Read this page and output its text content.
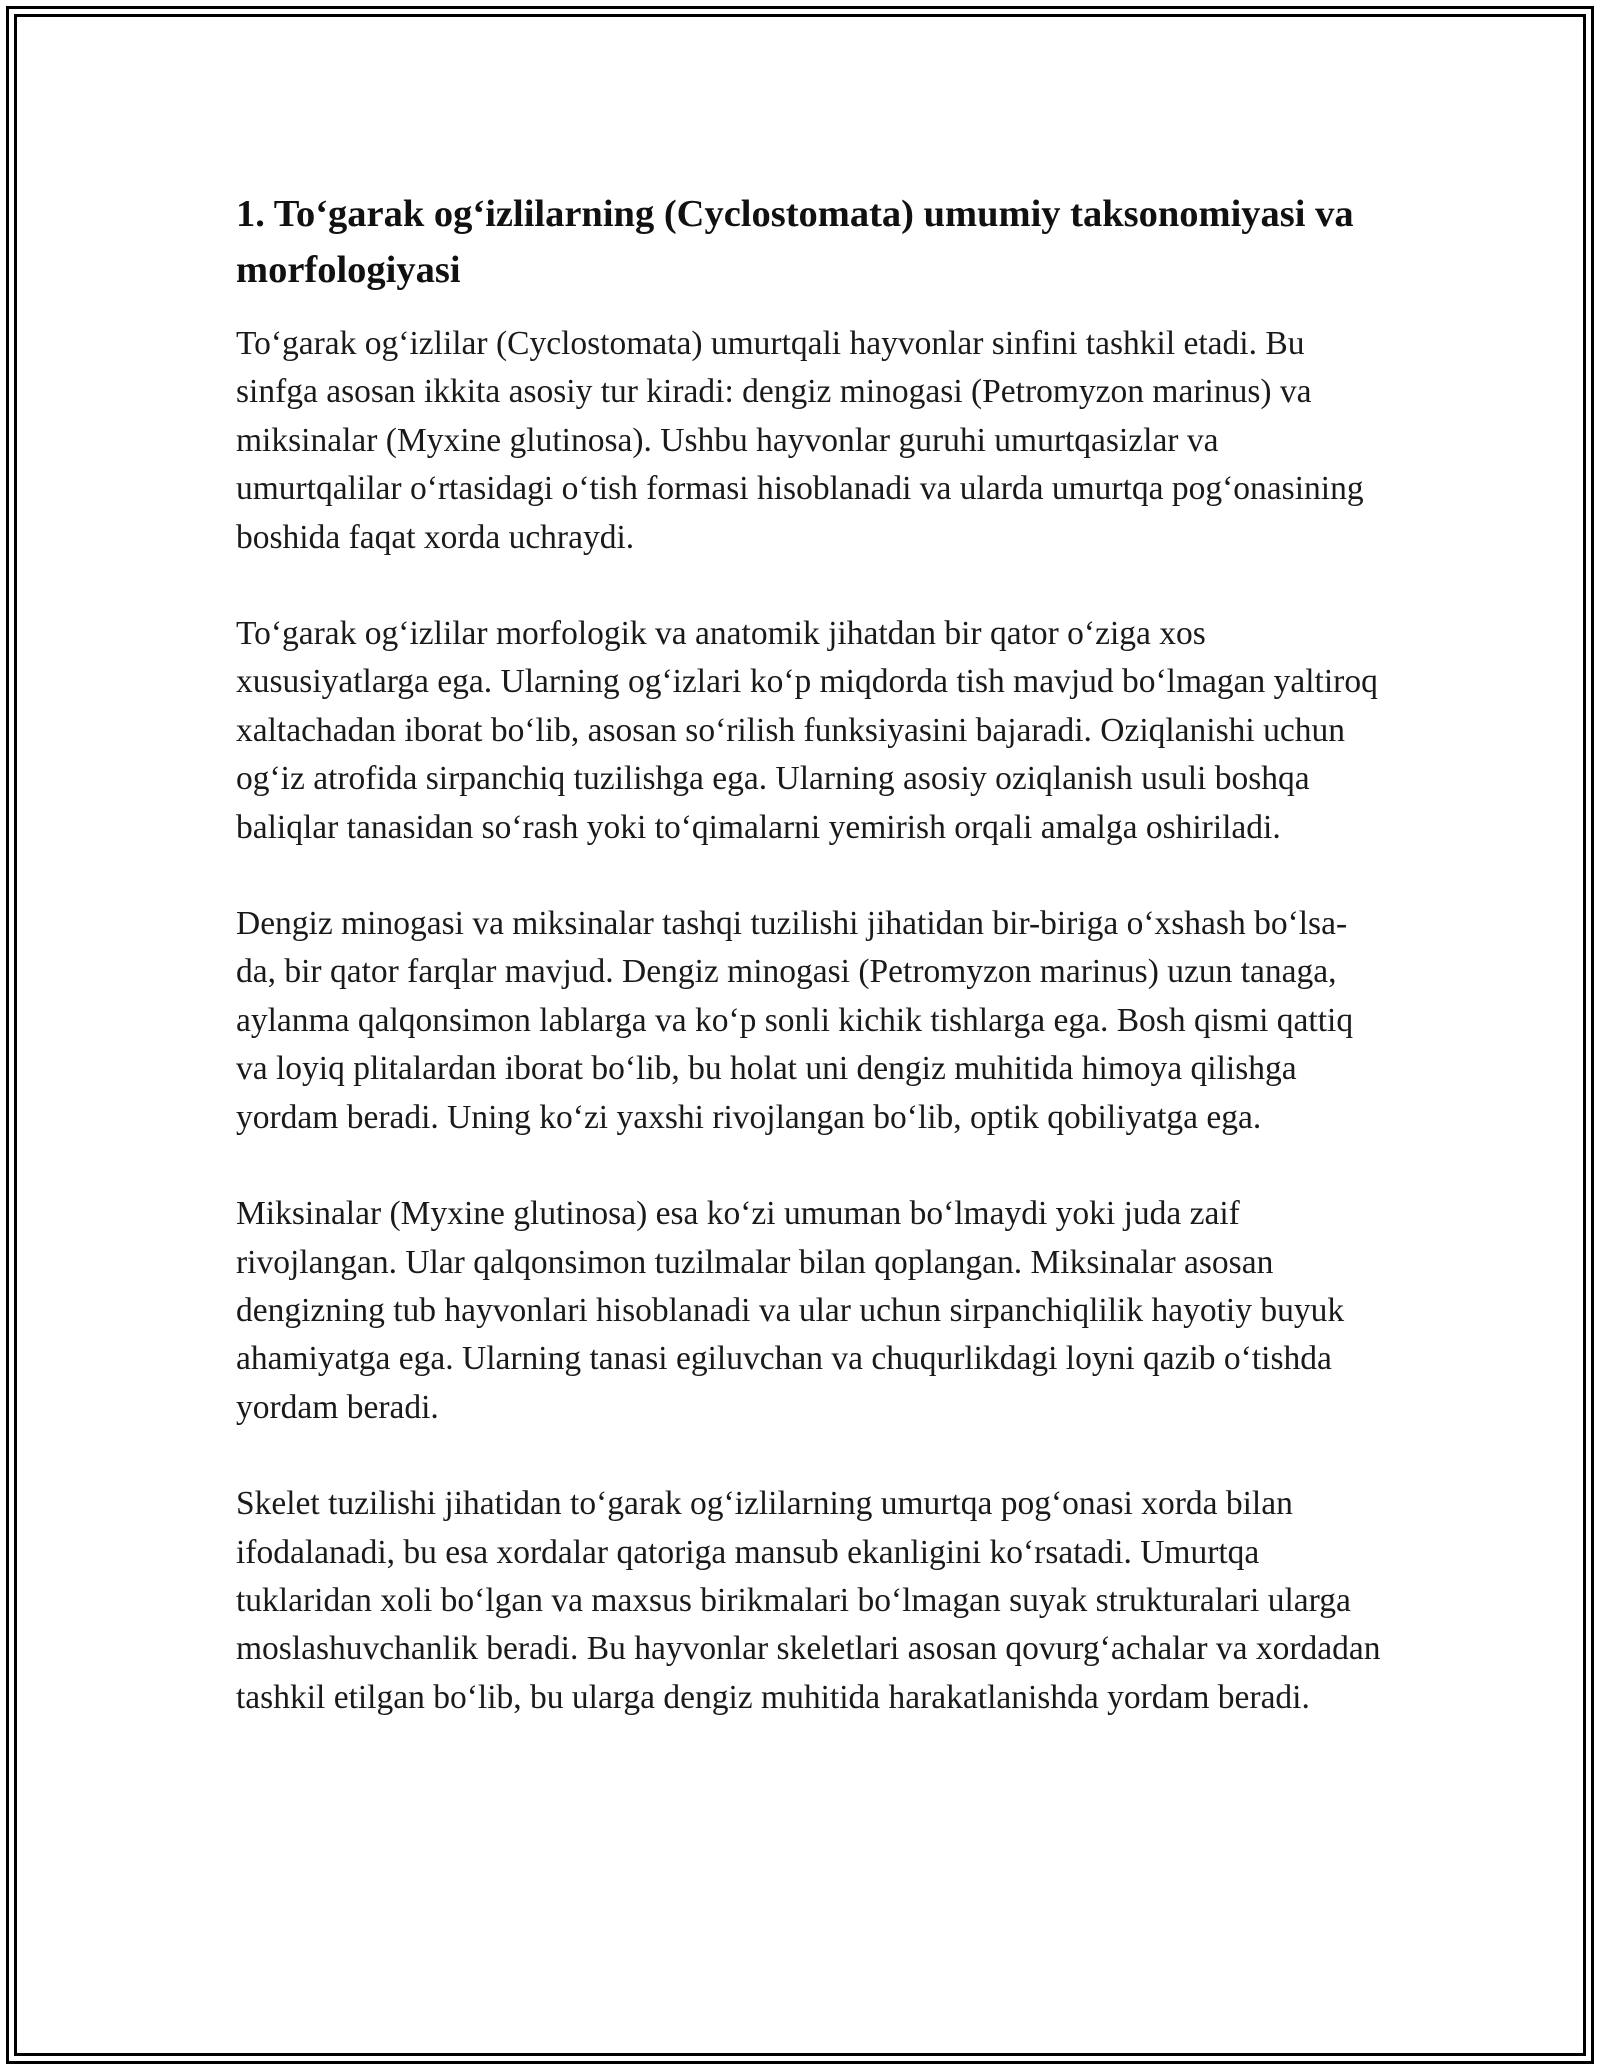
1. To‘garak og‘izlilarning (Cyclostomata) umumiy taksonomiyasi va morfologiyasi

To‘garak og‘izlilar (Cyclostomata) umurtqali hayvonlar sinfini tashkil etadi. Bu sinfga asosan ikkita asosiy tur kiradi: dengiz minogasi (Petromyzon marinus) va miksinalar (Myxine glutinosa). Ushbu hayvonlar guruhi umurtqasizlar va umurtqalilar o‘rtasidagi o‘tish formasi hisoblanadi va ularda umurtqa pog‘onasining boshida faqat xorda uchraydi.

To‘garak og‘izlilar morfologik va anatomik jihatdan bir qator o‘ziga xos xususiyatlarga ega. Ularning og‘izlari ko‘p miqdorda tish mavjud bo‘lmagan yaltiroq xaltachadan iborat bo‘lib, asosan so‘rilish funksiyasini bajaradi. Oziqlanishi uchun og‘iz atrofida sirpanchiq tuzilishga ega. Ularning asosiy oziqlanish usuli boshqa baliqlar tanasidan so‘rash yoki to‘qimalarni yemirish orqali amalga oshiriladi.

Dengiz minogasi va miksinalar tashqi tuzilishi jihatidan bir-biriga o‘xshash bo‘lsa-da, bir qator farqlar mavjud. Dengiz minogasi (Petromyzon marinus) uzun tanaga, aylanma qalqonsimon lablarga va ko‘p sonli kichik tishlarga ega. Bosh qismi qattiq va loyiq plitalardan iborat bo‘lib, bu holat uni dengiz muhitida himoya qilishga yordam beradi. Uning ko‘zi yaxshi rivojlangan bo‘lib, optik qobiliyatga ega.

Miksinalar (Myxine glutinosa) esa ko‘zi umuman bo‘lmaydi yoki juda zaif rivojlangan. Ular qalqonsimon tuzilmalar bilan qoplangan. Miksinalar asosan dengizning tub hayvonlari hisoblanadi va ular uchun sirpanchiqlilik hayotiy buyuk ahamiyatga ega. Ularning tanasi egiluvchan va chuqurlikdagi loyni qazib o‘tishda yordam beradi.

Skelet tuzilishi jihatidan to‘garak og‘izlilarning umurtqa pog‘onasi xorda bilan ifodalanadi, bu esa xordalar qatoriga mansub ekanligini ko‘rsatadi. Umurtqa tuklaridan xoli bo‘lgan va maxsus birikmalari bo‘lmagan suyak strukturalari ularga moslashuvchanlik beradi. Bu hayvonlar skeletlari asosan qovurg‘achalar va xordadan tashkil etilgan bo‘lib, bu ularga dengiz muhitida harakatlanishda yordam beradi.
